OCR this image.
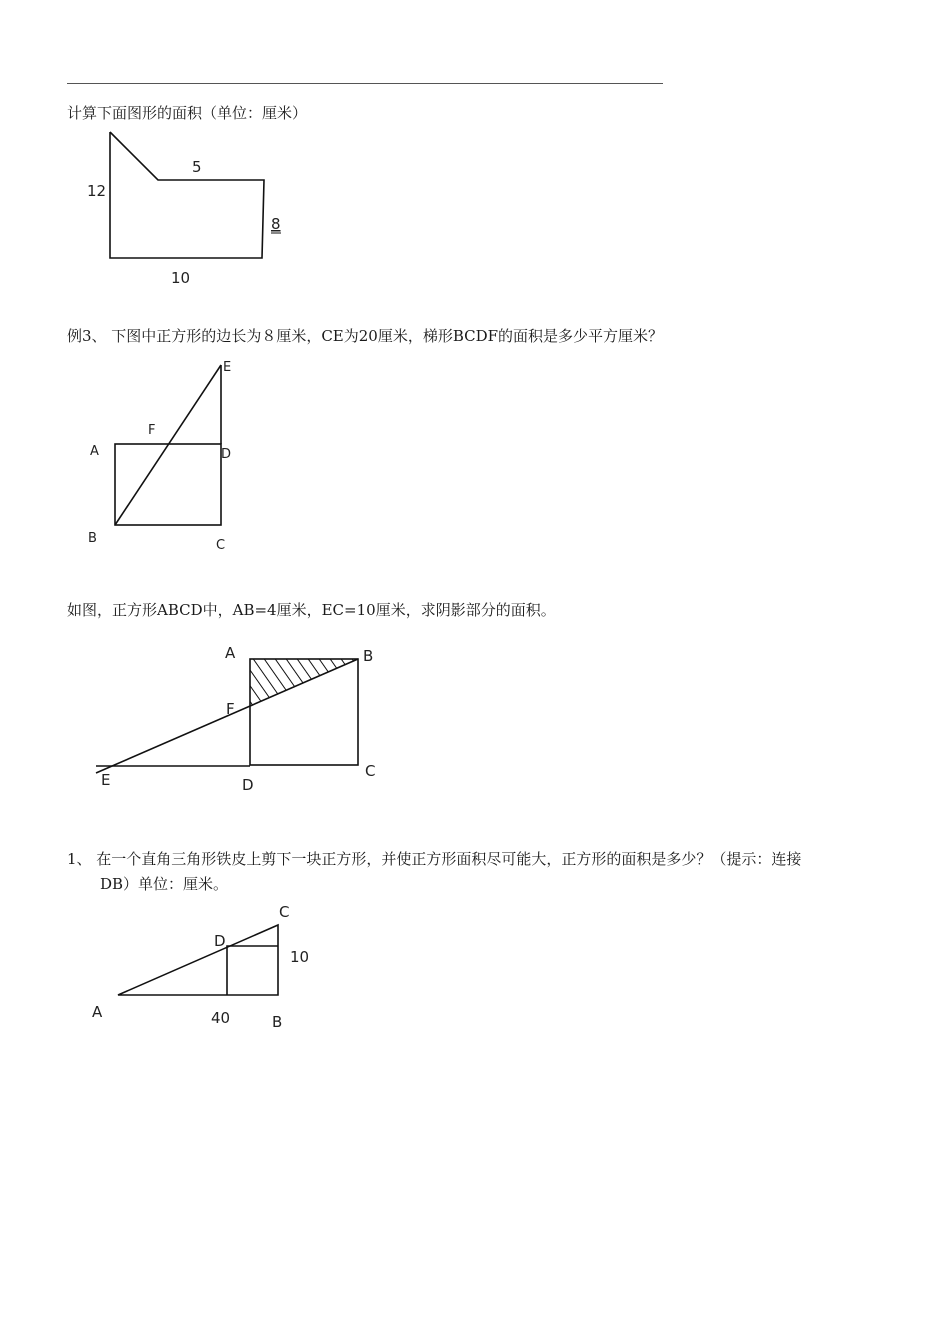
计算下面图形的面积（单位：厘米）
12
5
8
10
E
F
A	D
B	C
A	B
F
C
E	D
C
D
10
A	40	B
例3、 下图中正方形的边长为８厘米，CE为20厘米，梯形BCDF的面积是多少平方厘米？
如图，正方形ABCD中，AB=4厘米，EC=10厘米，求阴影部分的面积。
1、 在一个直角三角形铁皮上剪下一块正方形，并使正方形面积尽可能大，正方形的面积是多少？（提示：连接
DB）单位：厘米。
